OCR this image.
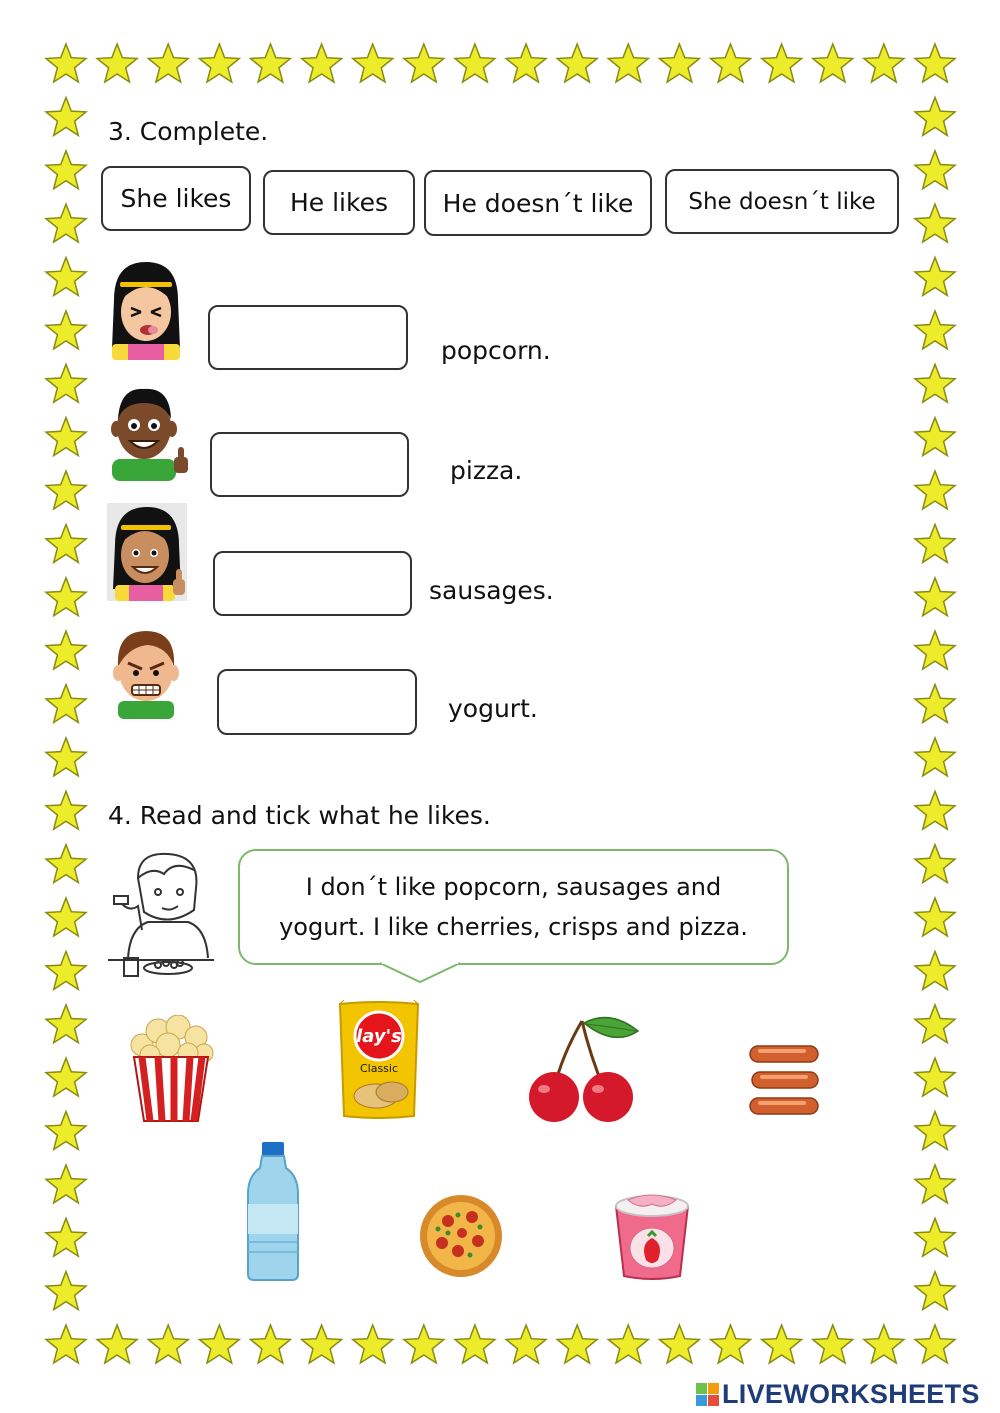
3. Complete.
She likes	He likes	He doesn´t like	She doesn´t like
popcorn.
pizza.
sausages.
yogurt.
4. Read and tick what he likes.
I don´t like popcorn, sausages and
yogurt. I like cherries, crisps and pizza.
lay's
Classic
LIVEWORKSHEETS
